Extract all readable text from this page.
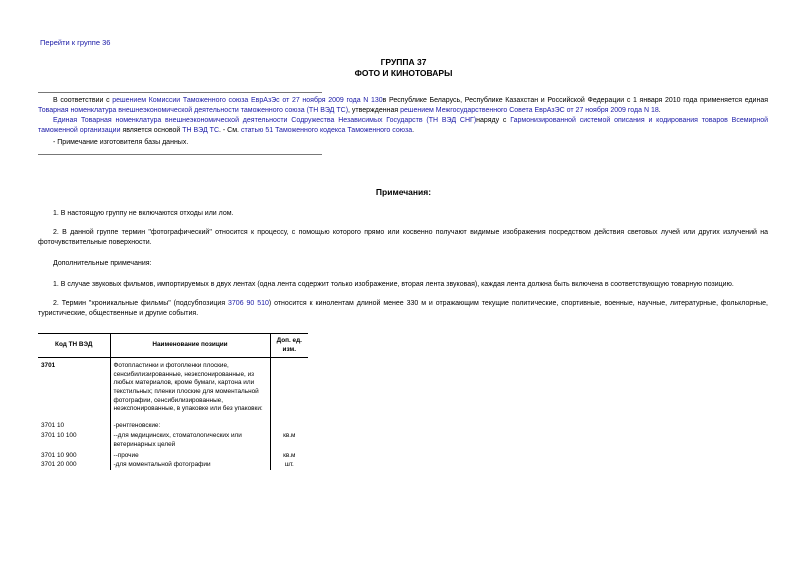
Перейти к группе 36
ГРУППА 37
ФОТО И КИНОТОВАРЫ
В соответствии с решением Комиссии Таможенного союза ЕврАзЭс от 27 ноября 2009 года N 130в Республике Беларусь, Республике Казахстан и Российской Федерации с 1 января 2010 года применяется единая Товарная номенклатура внешнеэкономической деятельности таможенного союза (ТН ВЭД ТС), утвержденная решением Межгосударственного Совета ЕврАзЭС от 27 ноября 2009 года N 18.
Единая Товарная номенклатура внешнеэкономической деятельности Содружества Независимых Государств (ТН ВЭД СНГ)наряду с Гармонизированной системой описания и кодирования товаров Всемирной таможенной организации является основой ТН ВЭД ТС. - См. статью 51 Таможенного кодекса Таможенного союза.
- Примечание изготовителя базы данных.
Примечания:
1. В настоящую группу не включаются отходы или лом.
2. В данной группе термин "фотографический" относится к процессу, с помощью которого прямо или косвенно получают видимые изображения посредством действия световых лучей или других излучений на фоточувствительные поверхности.
Дополнительные примечания:
1. В случае звуковых фильмов, импортируемых в двух лентах (одна лента содержит только изображение, вторая лента звуковая), каждая лента должна быть включена в соответствующую товарную позицию.
2. Термин "хроникальные фильмы" (подсубпозиция 3706 90 510) относится к кинолентам длиной менее 330 м и отражающим текущие политические, спортивные, военные, научные, литературные, фольклорные, туристические, общественные и другие события.
Код ТН ВЭД	Наименование позиции	Доп. ед. изм.

3701	Фотопластинки и фотопленки плоские, сенсибилизированные, неэкспонированные, из любых материалов, кроме бумаги, картона или текстильных; пленки плоские для моментальной фотографии, сенсибилизированные, неэкспонированные, в упаковке или без упаковки:	

3701 10	-рентгеновские:	

3701 10 100	--для медицинских, стоматологических или ветеринарных целей	кв.м

3701 10 900	--прочие	кв.м

3701 20 000	-для моментальной фотографии	шт.
